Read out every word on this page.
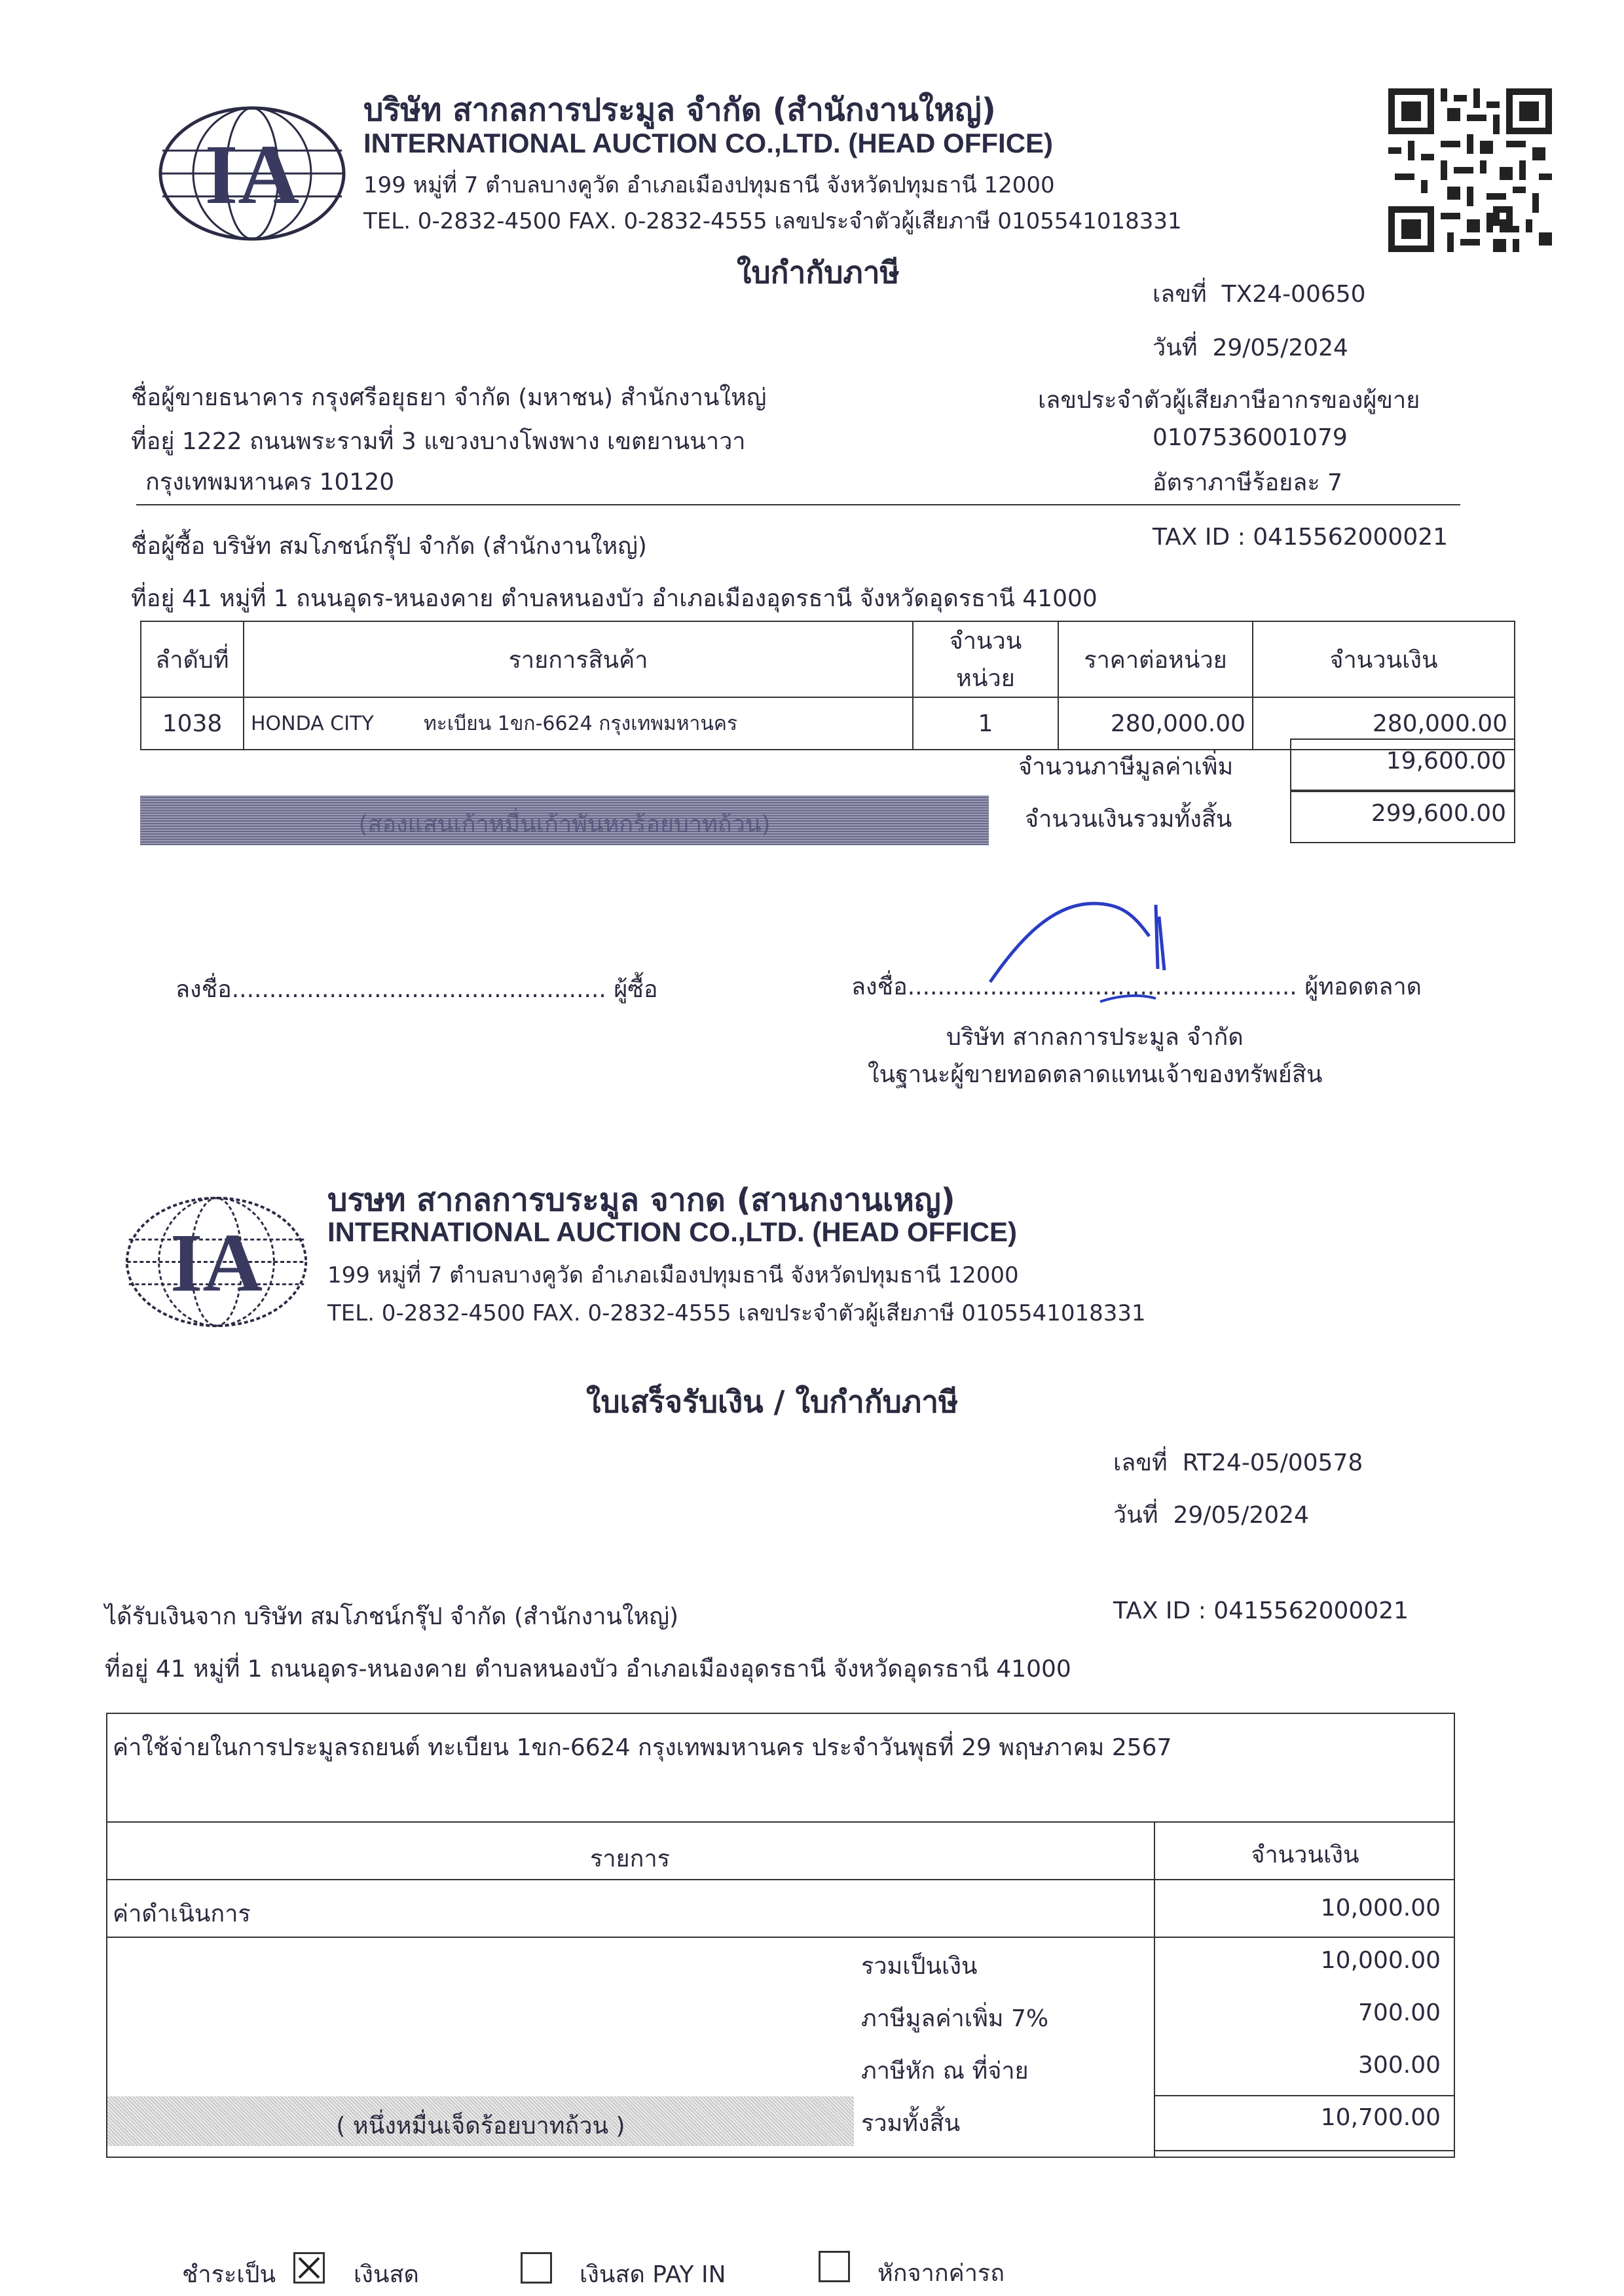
IA
บริษัท สากลการประมูล จำกัด (สำนักงานใหญ่)
INTERNATIONAL AUCTION CO.,LTD. (HEAD OFFICE)
199 หมู่ที่ 7 ตำบลบางคูวัด อำเภอเมืองปทุมธานี จังหวัดปทุมธานี 12000
TEL. 0-2832-4500 FAX. 0-2832-4555 เลขประจำตัวผู้เสียภาษี 0105541018331
ใบกำกับภาษี
เลขที่ TX24-00650
วันที่ 29/05/2024
ชื่อผู้ขายธนาคาร กรุงศรีอยุธยา จำกัด (มหาชน) สำนักงานใหญ่
ที่อยู่ 1222 ถนนพระรามที่ 3 แขวงบางโพงพาง เขตยานนาวา
กรุงเทพมหานคร 10120
เลขประจำตัวผู้เสียภาษีอากรของผู้ขาย
0107536001079
อัตราภาษีร้อยละ 7
ชื่อผู้ซื้อ บริษัท สมโภชน์กรุ๊ป จำกัด (สำนักงานใหญ่)	TAX ID : 0415562000021
ที่อยู่ 41 หมู่ที่ 1 ถนนอุดร-หนองคาย ตำบลหนองบัว อำเภอเมืองอุดรธานี จังหวัดอุดรธานี 41000
ลำดับที่	รายการสินค้า	จำนวนหน่วย	ราคาต่อหน่วย	จำนวนเงิน
1038	HONDA CITY ทะเบียน 1ขก-6624 กรุงเทพมหานคร	1	280,000.00	280,000.00
จำนวนภาษีมูลค่าเพิ่ม	19,600.00
(สองแสนเก้าหมื่นเก้าพันหกร้อยบาทถ้วน)	จำนวนเงินรวมทั้งสิ้น	299,600.00
ลงชื่อ.................................................. ผู้ซื้อ	ลงชื่อ.................................................... ผู้ทอดตลาด
บริษัท สากลการประมูล จำกัด
ในฐานะผู้ขายทอดตลาดแทนเจ้าของทรัพย์สิน
IA
บรษท สากลการบระมูล จากด (สานกงานเหญ)
INTERNATIONAL AUCTION CO.,LTD. (HEAD OFFICE)
199 หมู่ที่ 7 ตำบลบางคูวัด อำเภอเมืองปทุมธานี จังหวัดปทุมธานี 12000
TEL. 0-2832-4500 FAX. 0-2832-4555 เลขประจำตัวผู้เสียภาษี 0105541018331
ใบเสร็จรับเงิน / ใบกำกับภาษี
เลขที่ RT24-05/00578
วันที่ 29/05/2024
ได้รับเงินจาก บริษัท สมโภชน์กรุ๊ป จำกัด (สำนักงานใหญ่)	TAX ID : 0415562000021
ที่อยู่ 41 หมู่ที่ 1 ถนนอุดร-หนองคาย ตำบลหนองบัว อำเภอเมืองอุดรธานี จังหวัดอุดรธานี 41000
ค่าใช้จ่ายในการประมูลรถยนต์ ทะเบียน 1ขก-6624 กรุงเทพมหานคร ประจำวันพุธที่ 29 พฤษภาคม 2567
รายการ	จำนวนเงิน
ค่าดำเนินการ	10,000.00
รวมเป็นเงิน	10,000.00
ภาษีมูลค่าเพิ่ม 7%	700.00
ภาษีหัก ณ ที่จ่าย	300.00
( หนึ่งหมื่นเจ็ดร้อยบาทถ้วน )	รวมทั้งสิ้น	10,700.00
ชำระเป็น	เงินสด	เงินสด PAY IN	หักจากค่ารถ
